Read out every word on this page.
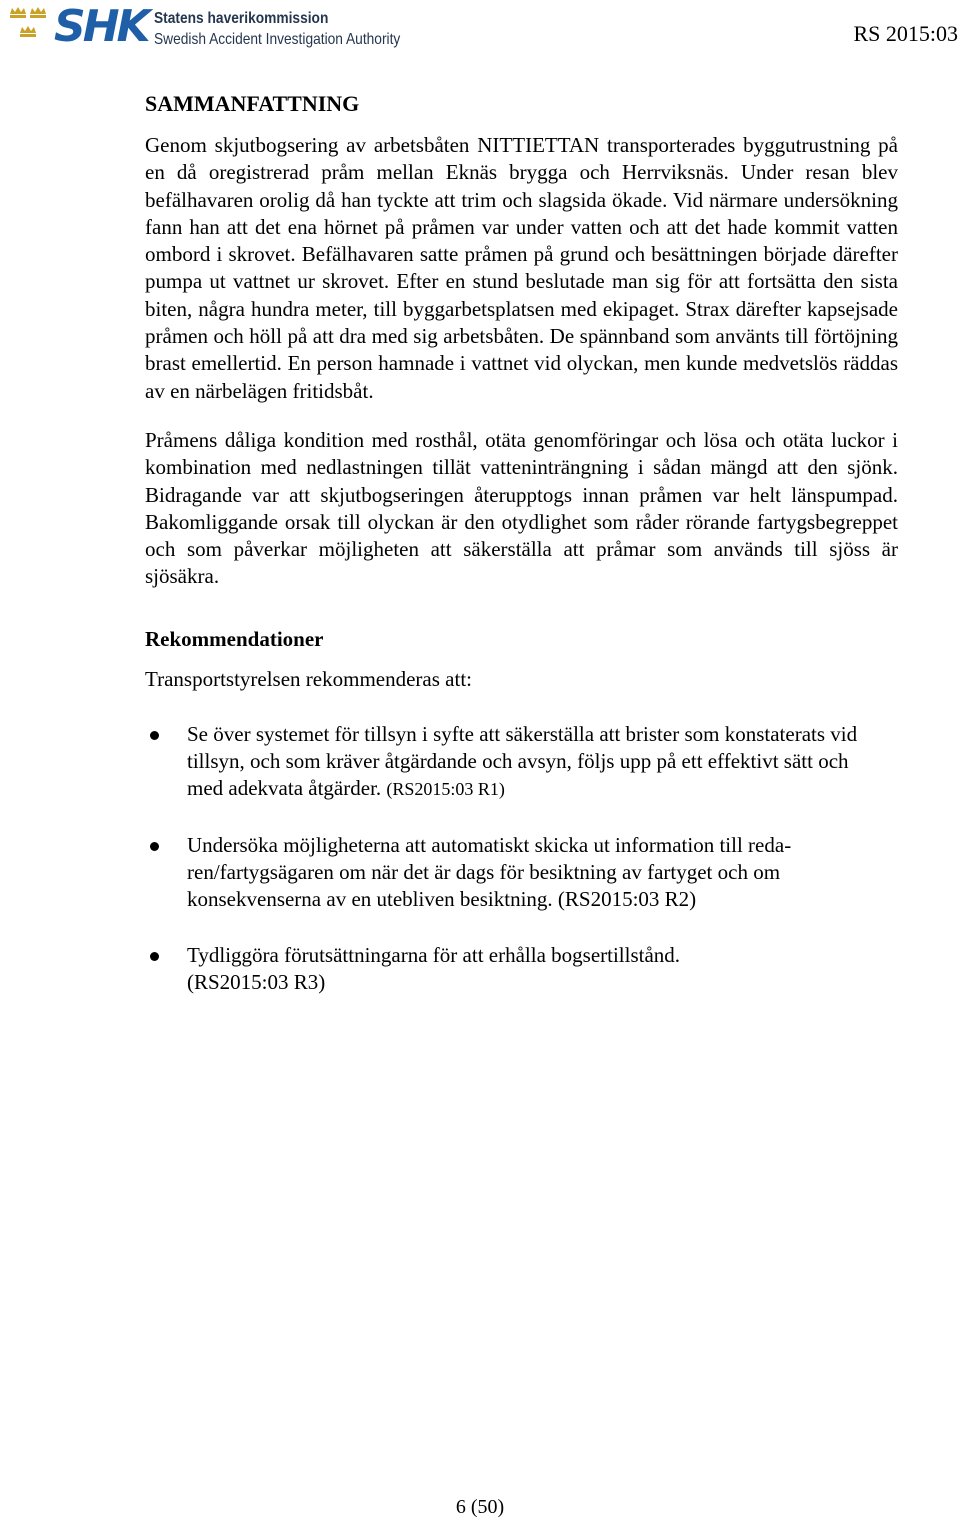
SHK Statens haverikommission
Swedish Accident Investigation Authority	RS 2015:03
SAMMANFATTNING

Genom skjutbogsering av arbetsbåten NITTIETTAN transporterades byggutrustning på en då oregistrerad pråm mellan Eknäs brygga och Herrviksnäs. Under resan blev befälhavaren orolig då han tyckte att trim och slagsida ökade. Vid närmare undersökning fann han att det ena hörnet på pråmen var under vatten och att det hade kommit vatten ombord i skrovet. Befälhavaren satte pråmen på grund och besättningen började därefter pumpa ut vattnet ur skrovet. Efter en stund beslutade man sig för att fortsätta den sista biten, några hundra meter, till byggarbetsplatsen med ekipaget. Strax därefter kapsejsade pråmen och höll på att dra med sig arbetsbåten. De spännband som använts till förtöjning brast emellertid. En person hamnade i vattnet vid olyckan, men kunde medvetslös räddas av en närbelägen fritidsbåt.

Pråmens dåliga kondition med rosthål, otäta genomföringar och lösa och otäta luckor i kombination med nedlastningen tillät vatteninträngning i sådan mängd att den sjönk. Bidragande var att skjutbogseringen återupptogs innan pråmen var helt länspumpad. Bakomliggande orsak till olyckan är den otydlighet som råder rörande fartygsbegreppet och som påverkar möjligheten att säkerställa att pråmar som används till sjöss är sjösäkra.

Rekommendationer
Transportstyrelsen rekommenderas att:
Se över systemet för tillsyn i syfte att säkerställa att brister som konstaterats vid tillsyn, och som kräver åtgärdande och avsyn, följs upp på ett effektivt sätt och med adekvata åtgärder. (RS2015:03 R1)
Undersöka möjligheterna att automatiskt skicka ut information till redaren/fartygsägaren om när det är dags för besiktning av fartyget och om konsekvenserna av en utebliven besiktning. (RS2015:03 R2)
Tydliggöra förutsättningarna för att erhålla bogsertillstånd.
(RS2015:03 R3)
6 (50)
